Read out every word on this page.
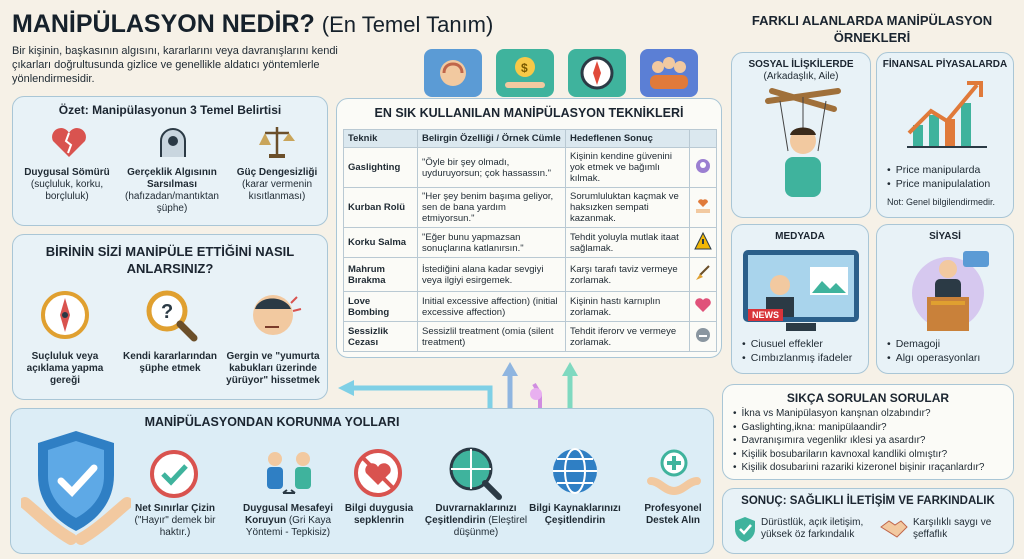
MANİPÜLASYON NEDİR? (En Temel Tanım)
Bir kişinin, başkasının algısını, kararlarını veya davranışlarını kendi çıkarları doğrultusunda gizlice ve genellikle aldatıcı yöntemlerle yönlendirmesidir.
$
Özet: Manipülasyonun 3 Temel Belirtisi
Duygusal Sömürü
(suçluluk, korku, borçluluk)
Gerçeklik Algısının Sarsılması
(hafızadan/mantıktan şüphe)
Güç Dengesizliği
(karar vermenin kısıtlanması)
BİRİNİN SİZİ MANİPÜLE ETTİĞİNİ NASIL ANLARSINIZ?
?
Suçluluk veya açıklama yapma gereği
Kendi kararlarından şüphe etmek
Gergin ve "yumurta kabukları üzerinde yürüyor" hissetmek
EN SIK KULLANILAN MANİPÜLASYON TEKNİKLERİ
Teknik	Belirgin Özelliği / Örnek Cümle	Hedeflenen Sonuç	
Gaslighting	"Öyle bir şey olmadı, uyduruyorsun; çok hassassın."	Kişinin kendine güvenini yok etmek ve bağımlı kılmak.	
Kurban Rolü	"Her şey benim başıma geliyor, sen de bana yardım etmiyorsun."	Sorumluluktan kaçmak ve haksızken sempati kazanmak.	
Korku Salma	"Eğer bunu yapmazsan sonuçlarına katlanırsın."	Tehdit yoluyla mutlak itaat sağlamak.	
Mahrum Bırakma	İstediğini alana kadar sevgiyi veya ilgiyi esirgemek.	Karşı tarafı taviz vermeye zorlamak.	
Love Bombing	Initial excessive affection) (initial excessive affection)	Kişinin hastı karnıplın zorlamak.	
Sessizlik Cezası	Sessizlil treatment (omia (silent treatment)	Tehdit iferorv ve vermeye zorlamak.	
FARKLI ALANLARDA MANİPÜLASYON ÖRNEKLERİ
SOSYAL İLİŞKİLERDE
(Arkadaşlık, Aile)
FİNANSAL PİYASALARDA
• Price manipularda
• Price manipulalation
Not: Genel bilgilendirmedir.
MEDYADA
NEWS
• Ciusuel effekler
• Cımbızlanmış ifadeler
SİYASİ
• Demagoji
• Algı operasyonları
MANİPÜLASYONDAN KORUNMA YOLLARI
Net Sınırlar Çizin ("Hayır" demek bir haktır.)
Duygusal Mesafeyi Koruyun (Gri Kaya Yöntemi - Tepkisiz)
Bilgi duygusia sepklenrin
Duvrarnaklarınızı Çeşitlendirin (Eleştirel düşünme)
Bilgi Kaynaklarınızı Çeşitlendirin
Profesyonel Destek Alın
SIKÇA SORULAN SORULAR
• İkna vs Manipülasyon kanşnan olzabındır?
• Gaslighting,ikna: manipülaandir?
• Davranışımıra vegenlikr ıklesi ya asardır?
• Kişilik bosubariların kavnoxal kandliki olmıştır?
• Kişilik dosubariıni razariki kizeronel bişinir ıraçanlardır?
SONUÇ: SAĞLIKLI İLETİŞİM VE FARKINDALIK
Dürüstlük, açık iletişim, yüksek öz farkındalık
Karşılıklı saygı ve şeffaflık
